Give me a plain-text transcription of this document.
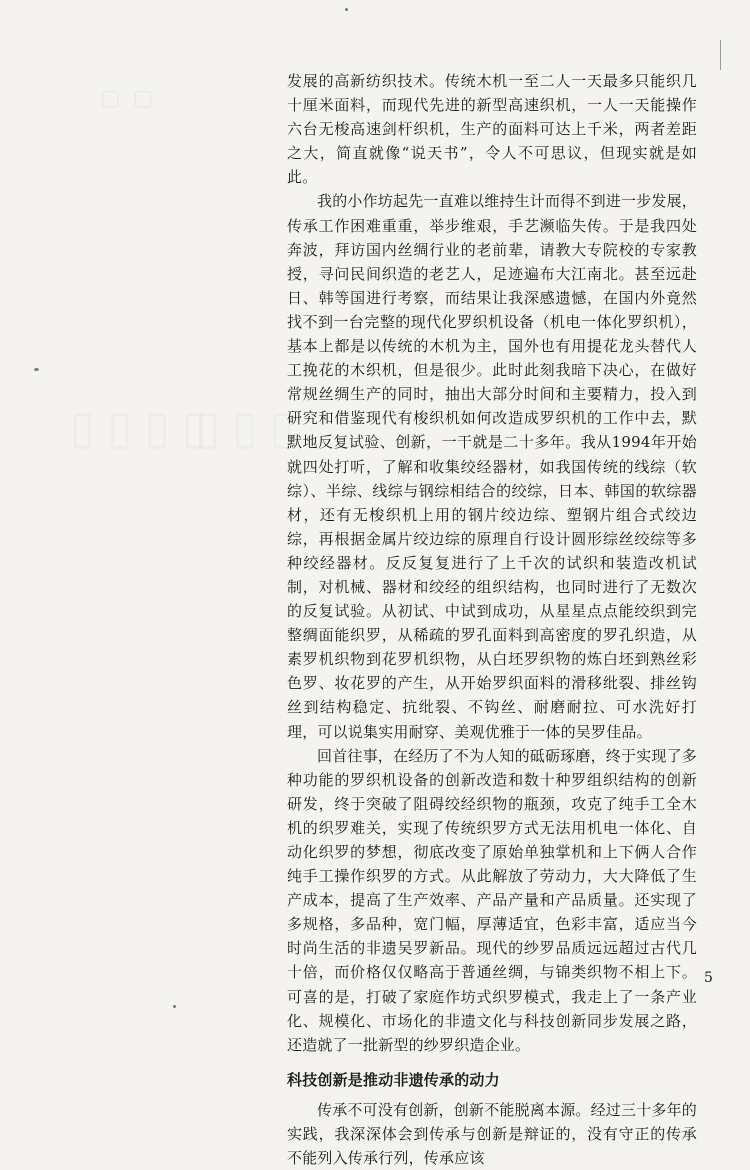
▢▢
▯▯▯▯
▯▯▯

发展的高新纺织技术。传统木机一至二人一天最多只能织几十厘米面料，而现代先进的新型高速织机，一人一天能操作六台无梭高速剑杆织机，生产的面料可达上千米，两者差距之大，简直就像“说天书”，令人不可思议，但现实就是如此。

我的小作坊起先一直难以维持生计而得不到进一步发展，传承工作困难重重，举步维艰，手艺濒临失传。于是我四处奔波，拜访国内丝绸行业的老前辈，请教大专院校的专家教授，寻问民间织造的老艺人，足迹遍布大江南北。甚至远赴日、韩等国进行考察，而结果让我深感遗憾，在国内外竟然找不到一台完整的现代化罗织机设备（机电一体化罗织机），基本上都是以传统的木机为主，国外也有用提花龙头替代人工挽花的木织机，但是很少。此时此刻我暗下决心，在做好常规丝绸生产的同时，抽出大部分时间和主要精力，投入到研究和借鉴现代有梭织机如何改造成罗织机的工作中去，默默地反复试验、创新，一干就是二十多年。我从1994年开始就四处打听，了解和收集绞经器材，如我国传统的线综（软综）、半综、线综与钢综相结合的绞综，日本、韩国的软综器材，还有无梭织机上用的钢片绞边综、塑钢片组合式绞边综，再根据金属片绞边综的原理自行设计圆形综丝绞综等多种绞经器材。反反复复进行了上千次的试织和装造改机试制，对机械、器材和绞经的组织结构，也同时进行了无数次的反复试验。从初试、中试到成功，从星星点点能绞织到完整绸面能织罗，从稀疏的罗孔面料到高密度的罗孔织造，从素罗机织物到花罗机织物，从白坯罗织物的炼白坯到熟丝彩色罗、妆花罗的产生，从开始罗织面料的滑移纰裂、排丝钩丝到结构稳定、抗纰裂、不钩丝、耐磨耐拉、可水洗好打理，可以说集实用耐穿、美观优雅于一体的吴罗佳品。

回首往事，在经历了不为人知的砥砺琢磨，终于实现了多种功能的罗织机设备的创新改造和数十种罗组织结构的创新研发，终于突破了阻碍绞经织物的瓶颈，攻克了纯手工全木机的织罗难关，实现了传统织罗方式无法用机电一体化、自动化织罗的梦想，彻底改变了原始单独掌机和上下俩人合作纯手工操作织罗的方式。从此解放了劳动力，大大降低了生产成本，提高了生产效率、产品产量和产品质量。还实现了多规格，多品种，宽门幅，厚薄适宜，色彩丰富，适应当今时尚生活的非遗吴罗新品。现代的纱罗品质远远超过古代几十倍，而价格仅仅略高于普通丝绸，与锦类织物不相上下。可喜的是，打破了家庭作坊式织罗模式，我走上了一条产业化、规模化、市场化的非遗文化与科技创新同步发展之路，还造就了一批新型的纱罗织造企业。

科技创新是推动非遗传承的动力

传承不可没有创新，创新不能脱离本源。经过三十多年的实践，我深深体会到传承与创新是辩证的，没有守正的传承不能列入传承行列，传承应该

5
